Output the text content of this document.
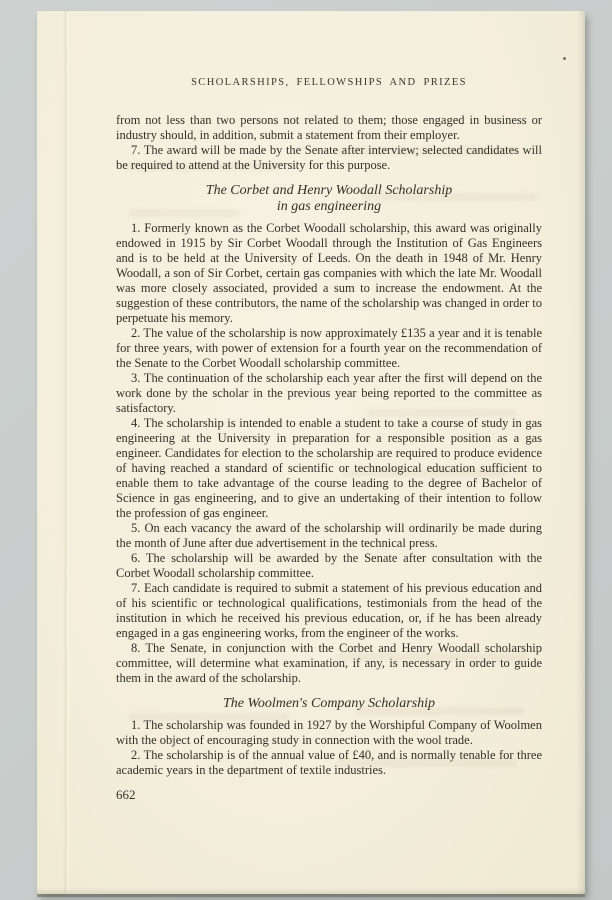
SCHOLARSHIPS, FELLOWSHIPS AND PRIZES

from not less than two persons not related to them; those engaged in business or industry should, in addition, submit a statement from their employer.

7. The award will be made by the Senate after interview; selected candidates will be required to attend at the University for this purpose.

The Corbet and Henry Woodall Scholarship
in gas engineering

1. Formerly known as the Corbet Woodall scholarship, this award was originally endowed in 1915 by Sir Corbet Woodall through the Institution of Gas Engineers and is to be held at the University of Leeds. On the death in 1948 of Mr. Henry Woodall, a son of Sir Corbet, certain gas companies with which the late Mr. Woodall was more closely associated, provided a sum to increase the endowment. At the suggestion of these contributors, the name of the scholarship was changed in order to perpetuate his memory.

2. The value of the scholarship is now approximately £135 a year and it is tenable for three years, with power of extension for a fourth year on the recommendation of the Senate to the Corbet Woodall scholarship committee.

3. The continuation of the scholarship each year after the first will depend on the work done by the scholar in the previous year being reported to the committee as satisfactory.

4. The scholarship is intended to enable a student to take a course of study in gas engineering at the University in preparation for a responsible position as a gas engineer. Candidates for election to the scholarship are required to produce evidence of having reached a standard of scientific or technological education sufficient to enable them to take advantage of the course leading to the degree of Bachelor of Science in gas engineering, and to give an undertaking of their intention to follow the profession of gas engineer.

5. On each vacancy the award of the scholarship will ordinarily be made during the month of June after due advertisement in the technical press.

6. The scholarship will be awarded by the Senate after consultation with the Corbet Woodall scholarship committee.

7. Each candidate is required to submit a statement of his previous education and of his scientific or technological qualifications, testimonials from the head of the institution in which he received his previous education, or, if he has been already engaged in a gas engineering works, from the engineer of the works.

8. The Senate, in conjunction with the Corbet and Henry Woodall scholarship committee, will determine what examination, if any, is necessary in order to guide them in the award of the scholarship.

The Woolmen's Company Scholarship

1. The scholarship was founded in 1927 by the Worshipful Company of Woolmen with the object of encouraging study in connection with the wool trade.

2. The scholarship is of the annual value of £40, and is normally tenable for three academic years in the department of textile industries.

662
